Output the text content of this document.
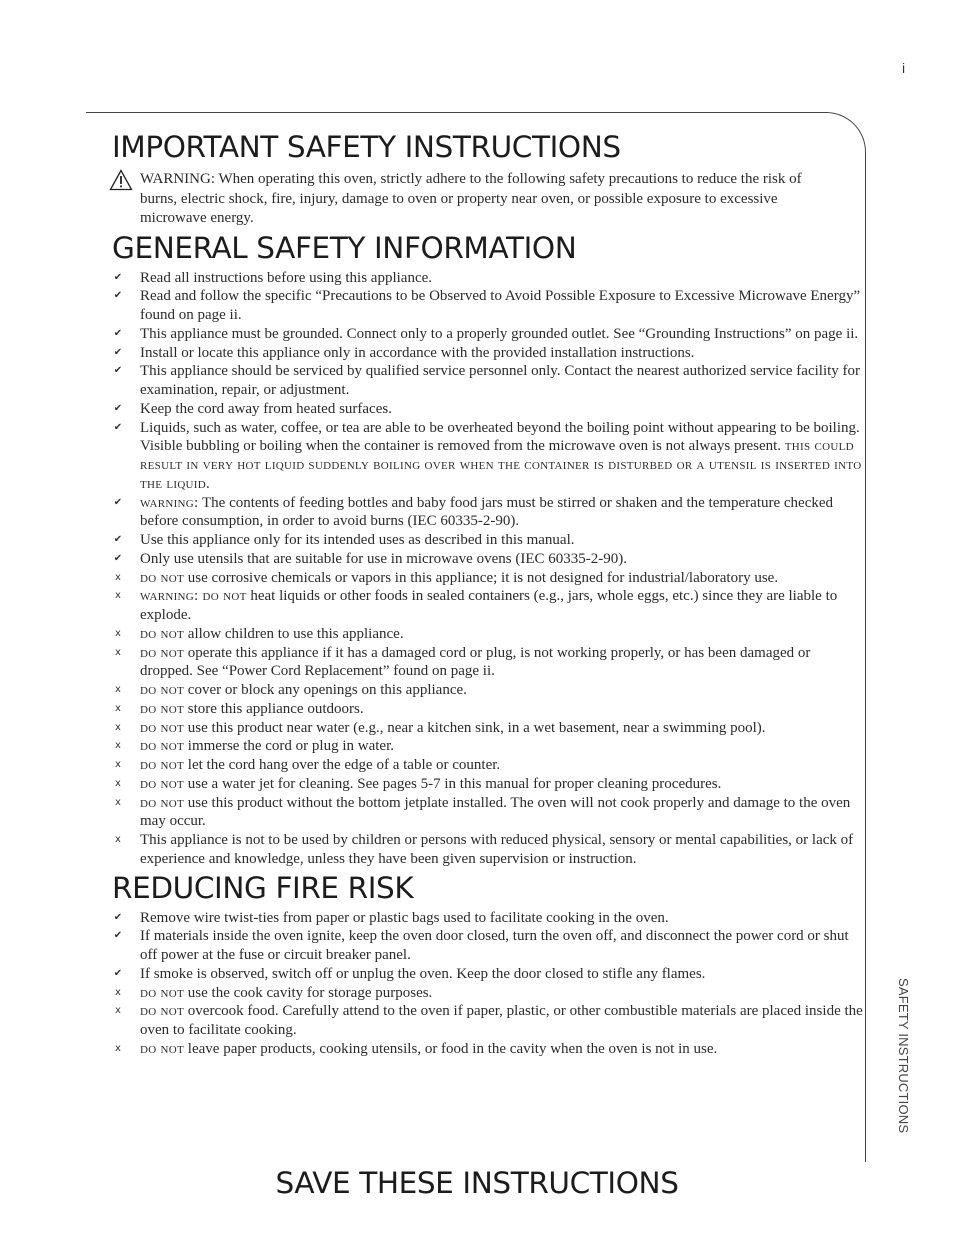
i
SAFETY INSTRUCTIONS
IMPORTANT SAFETY INSTRUCTIONS
WARNING: When operating this oven, strictly adhere to the following safety precautions to reduce the risk of burns, electric shock, fire, injury, damage to oven or property near oven, or possible exposure to excessive microwave energy.
GENERAL SAFETY INFORMATION
✔ Read all instructions before using this appliance.
✔ Read and follow the specific “Precautions to be Observed to Avoid Possible Exposure to Excessive Microwave Energy” found on page ii.
✔ This appliance must be grounded. Connect only to a properly grounded outlet. See “Grounding Instructions” on page ii.
✔ Install or locate this appliance only in accordance with the provided installation instructions.
✔ This appliance should be serviced by qualified service personnel only. Contact the nearest authorized service facility for examination, repair, or adjustment.
✔ Keep the cord away from heated surfaces.
✔ Liquids, such as water, coffee, or tea are able to be overheated beyond the boiling point without appearing to be boiling. Visible bubbling or boiling when the container is removed from the microwave oven is not always present. this could result in very hot liquid suddenly boiling over when the container is disturbed or a utensil is inserted into the liquid.
✔ warning: The contents of feeding bottles and baby food jars must be stirred or shaken and the temperature checked before consumption, in order to avoid burns (IEC 60335-2-90).
✔ Use this appliance only for its intended uses as described in this manual.
✔ Only use utensils that are suitable for use in microwave ovens (IEC 60335-2-90).
x do not use corrosive chemicals or vapors in this appliance; it is not designed for industrial/laboratory use.
x warning: do not heat liquids or other foods in sealed containers (e.g., jars, whole eggs, etc.) since they are liable to explode.
x do not allow children to use this appliance.
x do not operate this appliance if it has a damaged cord or plug, is not working properly, or has been damaged or dropped. See “Power Cord Replacement” found on page ii.
x do not cover or block any openings on this appliance.
x do not store this appliance outdoors.
x do not use this product near water (e.g., near a kitchen sink, in a wet basement, near a swimming pool).
x do not immerse the cord or plug in water.
x do not let the cord hang over the edge of a table or counter.
x do not use a water jet for cleaning. See pages 5-7 in this manual for proper cleaning procedures.
x do not use this product without the bottom jetplate installed. The oven will not cook properly and damage to the oven may occur.
x This appliance is not to be used by children or persons with reduced physical, sensory or mental capabilities, or lack of experience and knowledge, unless they have been given supervision or instruction.
REDUCING FIRE RISK
✔ Remove wire twist-ties from paper or plastic bags used to facilitate cooking in the oven.
✔ If materials inside the oven ignite, keep the oven door closed, turn the oven off, and disconnect the power cord or shut off power at the fuse or circuit breaker panel.
✔ If smoke is observed, switch off or unplug the oven. Keep the door closed to stifle any flames.
x do not use the cook cavity for storage purposes.
x do not overcook food. Carefully attend to the oven if paper, plastic, or other combustible materials are placed inside the oven to facilitate cooking.
x do not leave paper products, cooking utensils, or food in the cavity when the oven is not in use.
SAVE THESE INSTRUCTIONS
